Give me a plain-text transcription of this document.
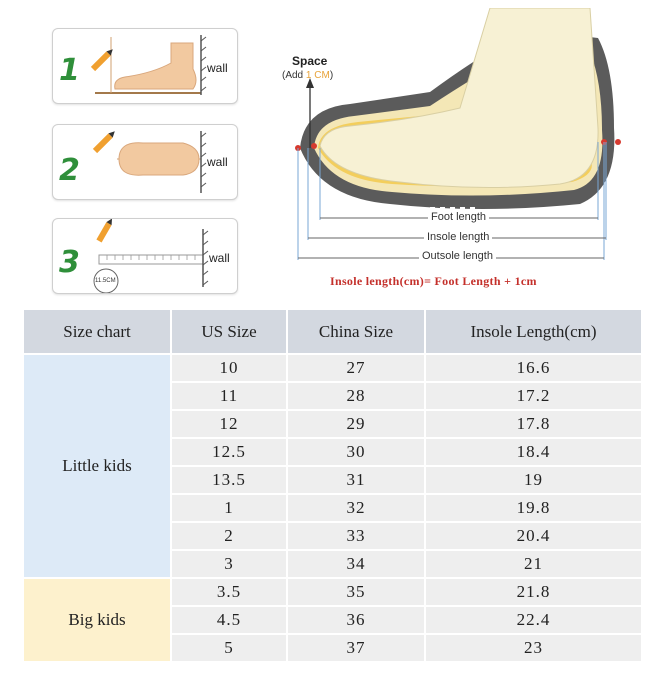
1	wall
2	wall
3
11.5CM
wall
Space
(Add 1 CM)
Foot length
Insole length
Outsole length
Insole length(cm)= Foot Length + 1cm
Size chart	US Size	China Size	Insole Length(cm)
Little kids	10	27	16.6
	11	28	17.2
	12	29	17.8
	12.5	30	18.4
	13.5	31	19
	1	32	19.8
	2	33	20.4
	3	34	21
Big kids	3.5	35	21.8
	4.5	36	22.4
	5	37	23
